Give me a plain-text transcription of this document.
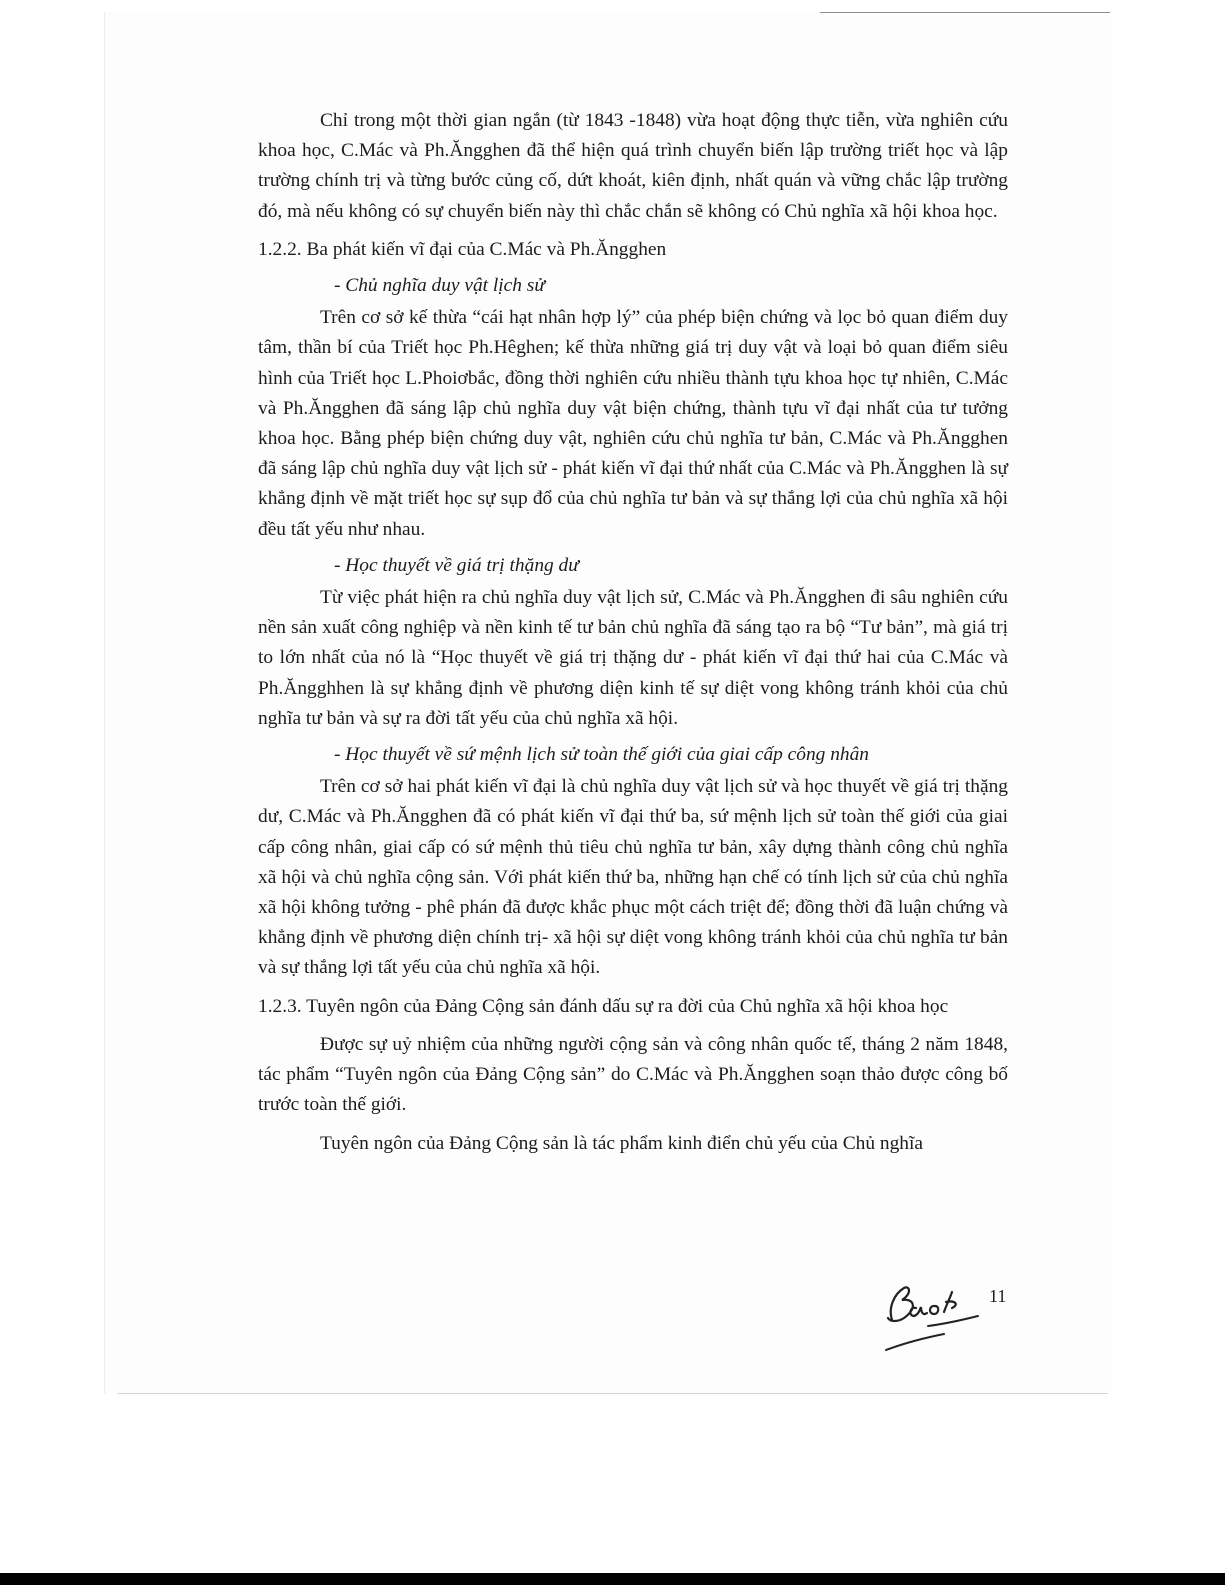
Chỉ trong một thời gian ngắn (từ 1843 -1848) vừa hoạt động thực tiễn, vừa nghiên cứu khoa học, C.Mác và Ph.Ăngghen đã thể hiện quá trình chuyển biến lập trường triết học và lập trường chính trị và từng bước củng cố, dứt khoát, kiên định, nhất quán và vững chắc lập trường đó, mà nếu không có sự chuyển biến này thì chắc chắn sẽ không có Chủ nghĩa xã hội khoa học.

1.2.2. Ba phát kiến vĩ đại của C.Mác và Ph.Ăngghen
- Chủ nghĩa duy vật lịch sử

Trên cơ sở kế thừa “cái hạt nhân hợp lý” của phép biện chứng và lọc bỏ quan điểm duy tâm, thần bí của Triết học Ph.Hêghen; kế thừa những giá trị duy vật và loại bỏ quan điểm siêu hình của Triết học L.Phoiơbắc, đồng thời nghiên cứu nhiều thành tựu khoa học tự nhiên, C.Mác và Ph.Ăngghen đã sáng lập chủ nghĩa duy vật biện chứng, thành tựu vĩ đại nhất của tư tưởng khoa học. Bằng phép biện chứng duy vật, nghiên cứu chủ nghĩa tư bản, C.Mác và Ph.Ăngghen đã sáng lập chủ nghĩa duy vật lịch sử - phát kiến vĩ đại thứ nhất của C.Mác và Ph.Ăngghen là sự khẳng định về mặt triết học sự sụp đổ của chủ nghĩa tư bản và sự thắng lợi của chủ nghĩa xã hội đều tất yếu như nhau.

- Học thuyết về giá trị thặng dư

Từ việc phát hiện ra chủ nghĩa duy vật lịch sử, C.Mác và Ph.Ăngghen đi sâu nghiên cứu nền sản xuất công nghiệp và nền kinh tế tư bản chủ nghĩa đã sáng tạo ra bộ “Tư bản”, mà giá trị to lớn nhất của nó là “Học thuyết về giá trị thặng dư - phát kiến vĩ đại thứ hai của C.Mác và Ph.Ăngghhen là sự khẳng định về phương diện kinh tế sự diệt vong không tránh khỏi của chủ nghĩa tư bản và sự ra đời tất yếu của chủ nghĩa xã hội.

- Học thuyết về sứ mệnh lịch sử toàn thế giới của giai cấp công nhân

Trên cơ sở hai phát kiến vĩ đại là chủ nghĩa duy vật lịch sử và học thuyết về giá trị thặng dư, C.Mác và Ph.Ăngghen đã có phát kiến vĩ đại thứ ba, sứ mệnh lịch sử toàn thế giới của giai cấp công nhân, giai cấp có sứ mệnh thủ tiêu chủ nghĩa tư bản, xây dựng thành công chủ nghĩa xã hội và chủ nghĩa cộng sản. Với phát kiến thứ ba, những hạn chế có tính lịch sử của chủ nghĩa xã hội không tưởng - phê phán đã được khắc phục một cách triệt để; đồng thời đã luận chứng và khẳng định về phương diện chính trị- xã hội sự diệt vong không tránh khỏi của chủ nghĩa tư bản và sự thắng lợi tất yếu của chủ nghĩa xã hội.

1.2.3. Tuyên ngôn của Đảng Cộng sản đánh dấu sự ra đời của Chủ nghĩa xã hội khoa học

Được sự uỷ nhiệm của những người cộng sản và công nhân quốc tế, tháng 2 năm 1848, tác phẩm “Tuyên ngôn của Đảng Cộng sản” do C.Mác và Ph.Ăngghen soạn thảo được công bố trước toàn thế giới.

Tuyên ngôn của Đảng Cộng sản là tác phẩm kinh điển chủ yếu của Chủ nghĩa

11
